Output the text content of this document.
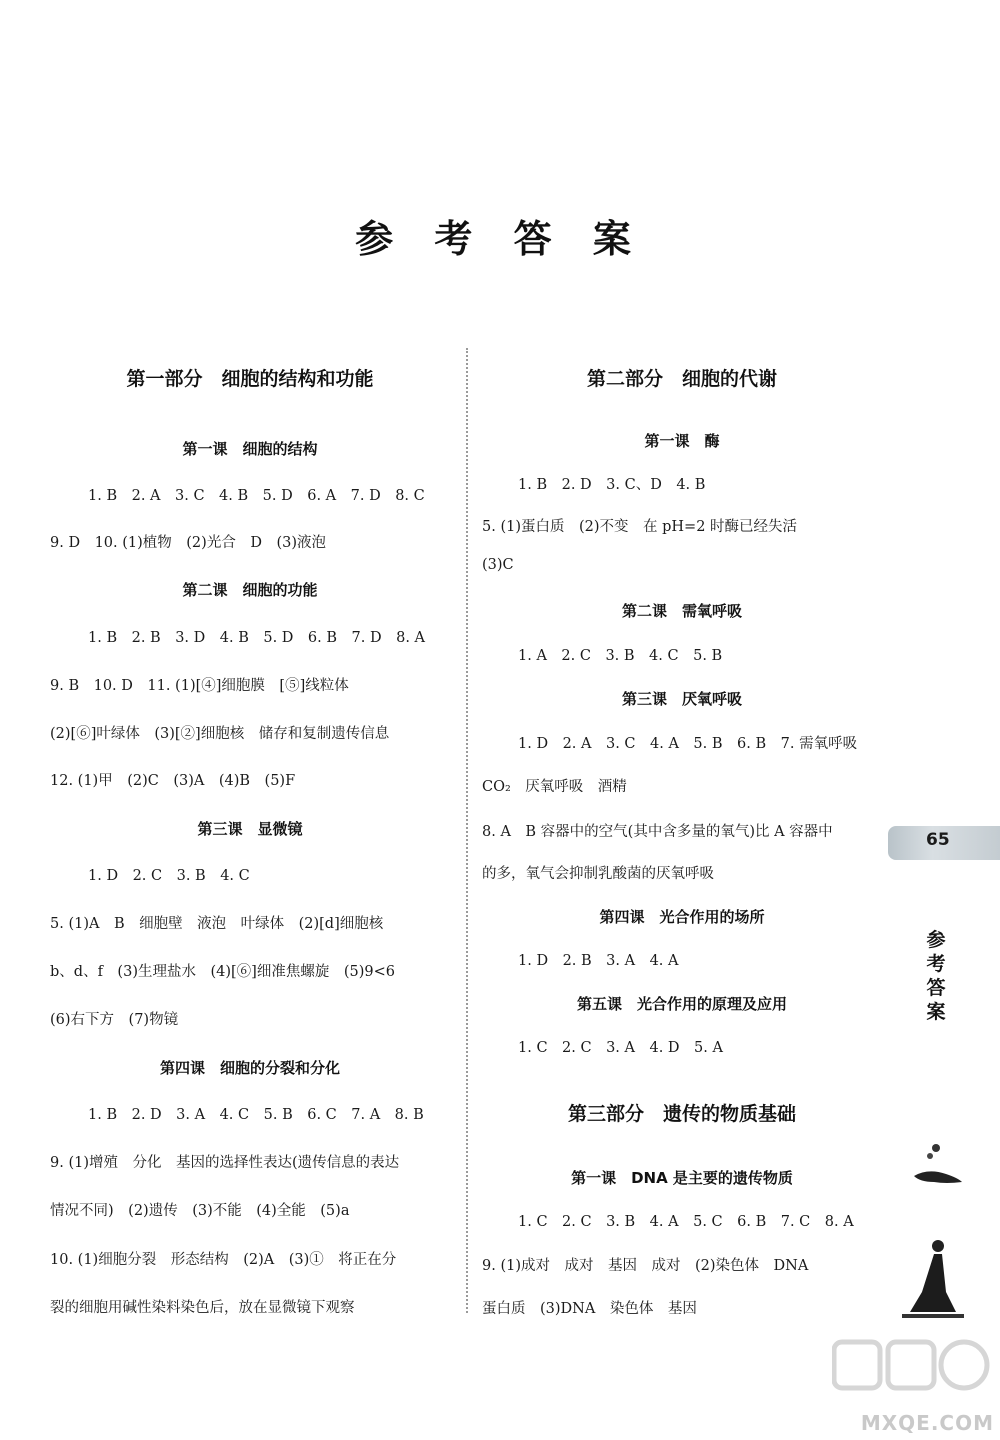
参 考 答 案
第一部分　细胞的结构和功能
第一课　细胞的结构
1. B　2. A　3. C　4. B　5. D　6. A　7. D　8. C
9. D　10. (1)植物　(2)光合　D　(3)液泡
第二课　细胞的功能
1. B　2. B　3. D　4. B　5. D　6. B　7. D　8. A
9. B　10. D　11. (1)[④]细胞膜　[⑤]线粒体
(2)[⑥]叶绿体　(3)[②]细胞核　储存和复制遗传信息
12. (1)甲　(2)C　(3)A　(4)B　(5)F
第三课　显微镜
1. D　2. C　3. B　4. C
5. (1)A　B　细胞壁　液泡　叶绿体　(2)[d]细胞核
b、d、f　(3)生理盐水　(4)[⑥]细准焦螺旋　(5)9<6
(6)右下方　(7)物镜
第四课　细胞的分裂和分化
1. B　2. D　3. A　4. C　5. B　6. C　7. A　8. B
9. (1)增殖　分化　基因的选择性表达(遗传信息的表达
情况不同)　(2)遗传　(3)不能　(4)全能　(5)a
10. (1)细胞分裂　形态结构　(2)A　(3)①　将正在分
裂的细胞用碱性染料染色后，放在显微镜下观察
第二部分　细胞的代谢
第一课　酶
1. B　2. D　3. C、D　4. B
5. (1)蛋白质　(2)不变　在 pH=2 时酶已经失活
(3)C
第二课　需氧呼吸
1. A　2. C　3. B　4. C　5. B
第三课　厌氧呼吸
1. D　2. A　3. C　4. A　5. B　6. B　7. 需氧呼吸
CO₂　厌氧呼吸　酒精
8. A　B 容器中的空气(其中含多量的氧气)比 A 容器中
的多，氧气会抑制乳酸菌的厌氧呼吸
第四课　光合作用的场所
1. D　2. B　3. A　4. A
第五课　光合作用的原理及应用
1. C　2. C　3. A　4. D　5. A
第三部分　遗传的物质基础
第一课　DNA 是主要的遗传物质
1. C　2. C　3. B　4. A　5. C　6. B　7. C　8. A
9. (1)成对　成对　基因　成对　(2)染色体　DNA
蛋白质　(3)DNA　染色体　基因
65
参
考
答
案
MXQE.COM
